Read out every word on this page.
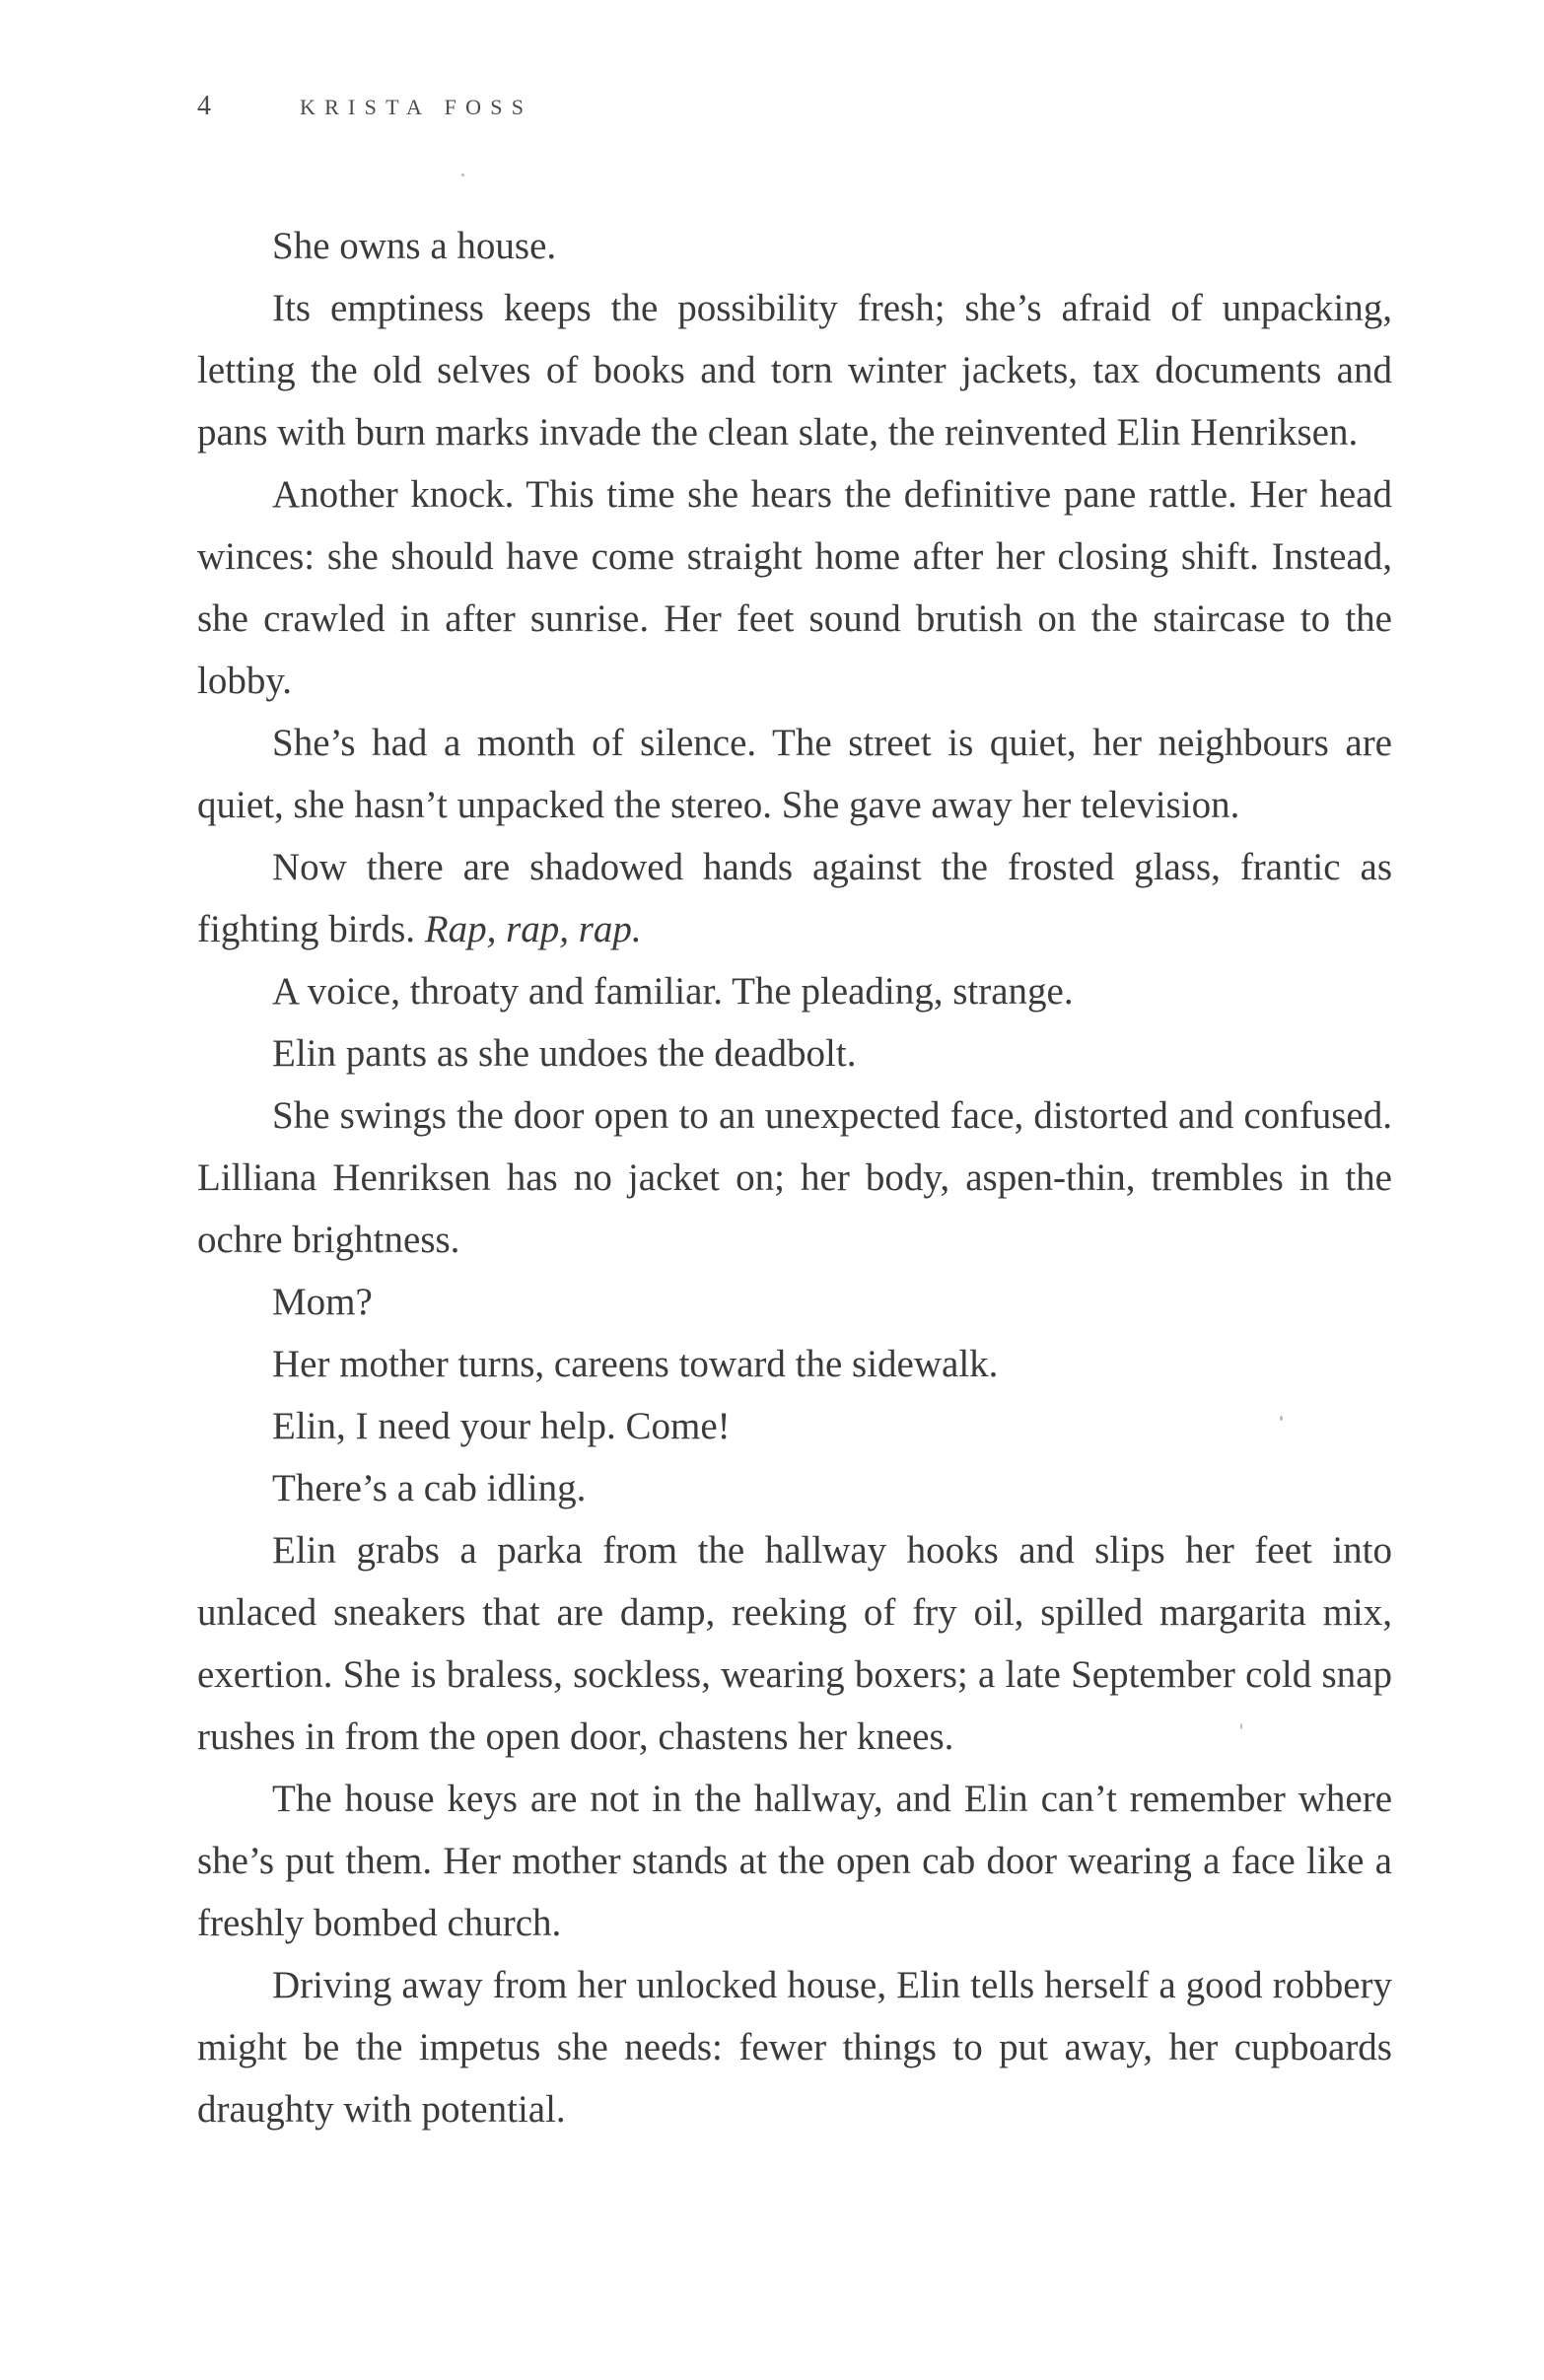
4	KRISTA FOSS

She owns a house.

Its emptiness keeps the possibility fresh; she’s afraid of unpacking, letting the old selves of books and torn winter jackets, tax documents and pans with burn marks invade the clean slate, the reinvented Elin Henriksen.

Another knock. This time she hears the definitive pane rattle. Her head winces: she should have come straight home after her closing shift. Instead, she crawled in after sunrise. Her feet sound brutish on the staircase to the lobby.

She’s had a month of silence. The street is quiet, her neighbours are quiet, she hasn’t unpacked the stereo. She gave away her television.

Now there are shadowed hands against the frosted glass, frantic as fighting birds. Rap, rap, rap.

A voice, throaty and familiar. The pleading, strange.

Elin pants as she undoes the deadbolt.

She swings the door open to an unexpected face, distorted and confused. Lilliana Henriksen has no jacket on; her body, aspen-thin, trembles in the ochre brightness.

Mom?

Her mother turns, careens toward the sidewalk.

Elin, I need your help. Come!

There’s a cab idling.

Elin grabs a parka from the hallway hooks and slips her feet into unlaced sneakers that are damp, reeking of fry oil, spilled margarita mix, exertion. She is braless, sockless, wearing boxers; a late September cold snap rushes in from the open door, chastens her knees.

The house keys are not in the hallway, and Elin can’t remember where she’s put them. Her mother stands at the open cab door wearing a face like a freshly bombed church.

Driving away from her unlocked house, Elin tells herself a good robbery might be the impetus she needs: fewer things to put away, her cupboards draughty with potential.
